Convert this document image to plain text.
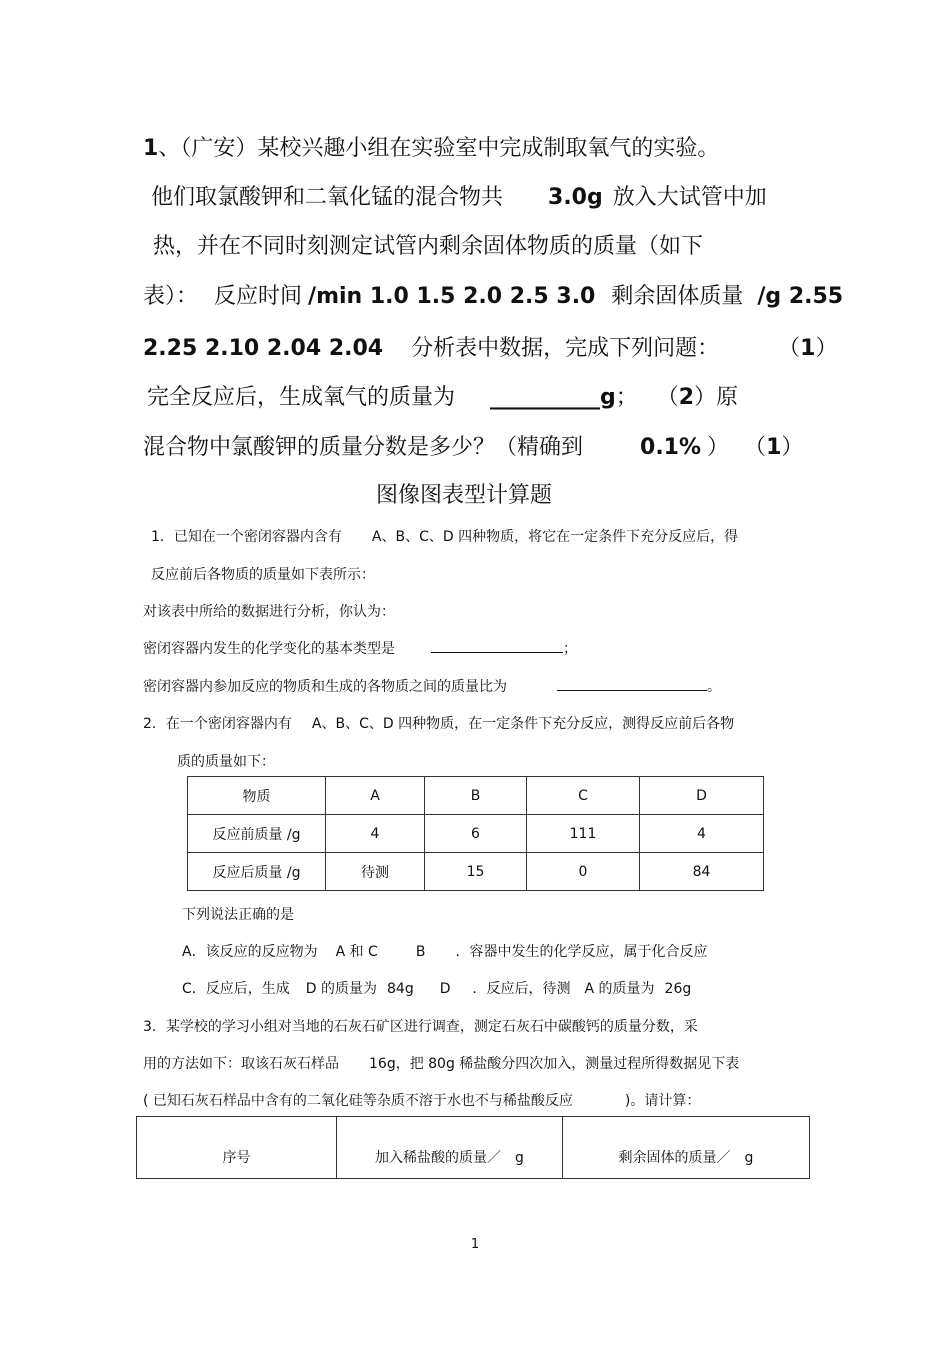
1、（广安）某校兴趣小组在实验室中完成制取氧气的实验。
他们取氯酸钾和二氧化锰的混合物共 3.0g 放入大试管中加
热，并在不同时刻测定试管内剩余固体物质的质量（如下
表）： 反应时间 /min 1.0 1.5 2.0 2.5 3.0 剩余固体质量 /g 2.55
2.25 2.10 2.04 2.04 分析表中数据，完成下列问题：	（1）
完全反应后，生成氧气的质量为 __________g； （2）原
混合物中氯酸钾的质量分数是多少？（精确到	0.1% ） （1）
图像图表型计算题
1．已知在一个密闭容器内含有 A、B、C、D 四种物质，将它在一定条件下充分反应后，得
反应前后各物质的质量如下表所示：
对该表中所给的数据进行分析，你认为：
密闭容器内发生的化学变化的基本类型是	；
密闭容器内参加反应的物质和生成的各物质之间的质量比为	。
2．在一个密闭容器内有 A、B、C、D 四种物质，在一定条件下充分反应，测得反应前后各物
质的质量如下：
物质	A	B	C	D
反应前质量 /g	4	6	111	4
反应后质量 /g	待测	15	0	84
下列说法正确的是
A．该反应的反应物为 A 和 C	B ．容器中发生的化学反应，属于化合反应
C．反应后，生成 D 的质量为 84g D ．反应后，待测 A 的质量为 26g
3．某学校的学习小组对当地的石灰石矿区进行调查，测定石灰石中碳酸钙的质量分数，采
用的方法如下：取该石灰石样品 16g，把 80g 稀盐酸分四次加入，测量过程所得数据见下表
( 已知石灰石样品中含有的二氧化硅等杂质不溶于水也不与稀盐酸反应	)。请计算：
序号	加入稀盐酸的质量／　g	剩余固体的质量／　g
1
